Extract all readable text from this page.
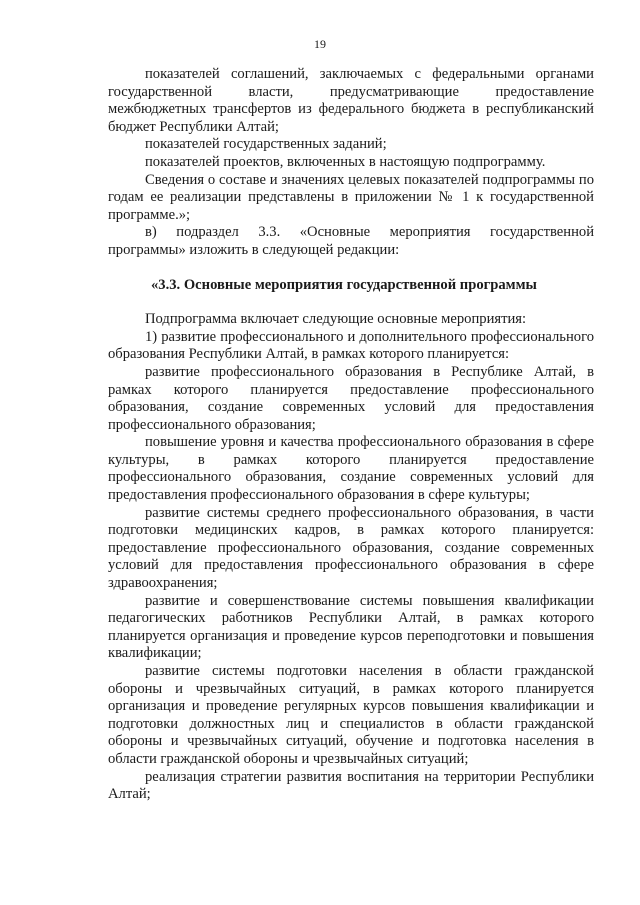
19

показателей соглашений, заключаемых с федеральными органами государственной власти, предусматривающие предоставление межбюджетных трансфертов из федерального бюджета в республиканский бюджет Республики Алтай;

показателей государственных заданий;

показателей проектов, включенных в настоящую подпрограмму.

Сведения о составе и значениях целевых показателей подпрограммы по годам ее реализации представлены в приложении № 1 к государственной программе.»;

в) подраздел 3.3. «Основные мероприятия государственной программы» изложить в следующей редакции:

«3.3. Основные мероприятия государственной программы

Подпрограмма включает следующие основные мероприятия:

1) развитие профессионального и дополнительного профессионального образования Республики Алтай, в рамках которого планируется:

развитие профессионального образования в Республике Алтай, в рамках которого планируется предоставление профессионального образования, создание современных условий для предоставления профессионального образования;

повышение уровня и качества профессионального образования в сфере культуры, в рамках которого планируется предоставление профессионального образования, создание современных условий для предоставления профессионального образования в сфере культуры;

развитие системы среднего профессионального образования, в части подготовки медицинских кадров, в рамках которого планируется: предоставление профессионального образования, создание современных условий для предоставления профессионального образования в сфере здравоохранения;

развитие и совершенствование системы повышения квалификации педагогических работников Республики Алтай, в рамках которого планируется организация и проведение курсов переподготовки и повышения квалификации;

развитие системы подготовки населения в области гражданской обороны и чрезвычайных ситуаций, в рамках которого планируется организация и проведение регулярных курсов повышения квалификации и подготовки должностных лиц и специалистов в области гражданской обороны и чрезвычайных ситуаций, обучение и подготовка населения в области гражданской обороны и чрезвычайных ситуаций;

реализация стратегии развития воспитания на территории Республики Алтай;
